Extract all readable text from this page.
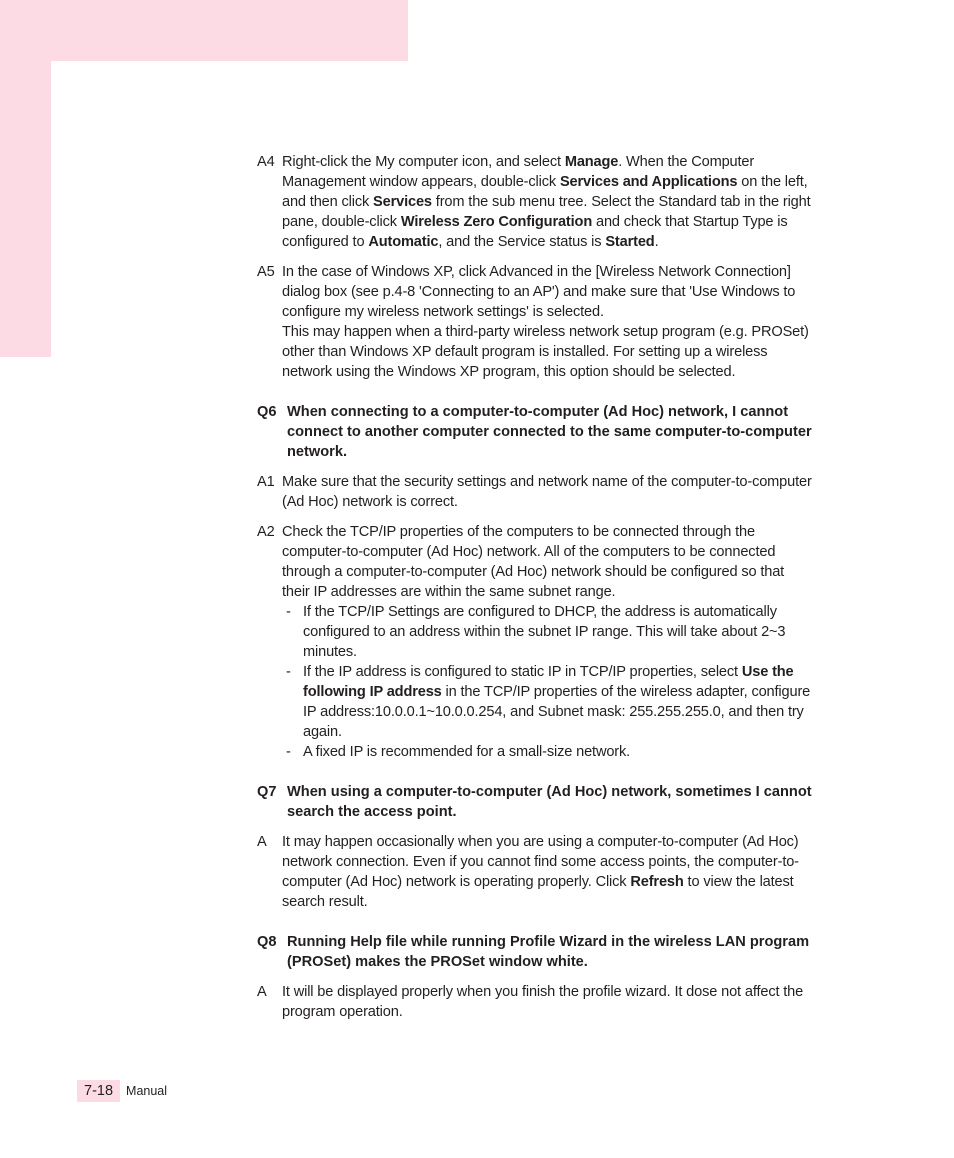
A4 Right-click the My computer icon, and select Manage. When the Computer Management window appears, double-click Services and Applications on the left, and then click Services from the sub menu tree. Select the Standard tab in the right pane, double-click Wireless Zero Configuration and check that Startup Type is configured to Automatic, and the Service status is Started.
A5 In the case of Windows XP, click Advanced in the [Wireless Network Connection] dialog box (see p.4-8 'Connecting to an AP') and make sure that 'Use Windows to configure my wireless network settings' is selected.
This may happen when a third-party wireless network setup program (e.g. PROSet) other than Windows XP default program is installed. For setting up a wireless network using the Windows XP program, this option should be selected.
Q6 When connecting to a computer-to-computer (Ad Hoc) network, I cannot connect to another computer connected to the same computer-to-computer network.
A1 Make sure that the security settings and network name of the computer-to-computer (Ad Hoc) network is correct.
A2 Check the TCP/IP properties of the computers to be connected through the computer-to-computer (Ad Hoc) network. All of the computers to be connected through a computer-to-computer (Ad Hoc) network should be configured so that their IP addresses are within the same subnet range.
- If the TCP/IP Settings are configured to DHCP, the address is automatically configured to an address within the subnet IP range. This will take about 2~3 minutes.
- If the IP address is configured to static IP in TCP/IP properties, select Use the following IP address in the TCP/IP properties of the wireless adapter, configure IP address:10.0.0.1~10.0.0.254, and Subnet mask: 255.255.255.0, and then try again.
- A fixed IP is recommended for a small-size network.
Q7 When using a computer-to-computer (Ad Hoc) network, sometimes I cannot search the access point.
A It may happen occasionally when you are using a computer-to-computer (Ad Hoc) network connection. Even if you cannot find some access points, the computer-to-computer (Ad Hoc) network is operating properly. Click Refresh to view the latest search result.
Q8 Running Help file while running Profile Wizard in the wireless LAN program (PROSet) makes the PROSet window white.
A It will be displayed properly when you finish the profile wizard. It dose not affect the program operation.
7-18	Manual
